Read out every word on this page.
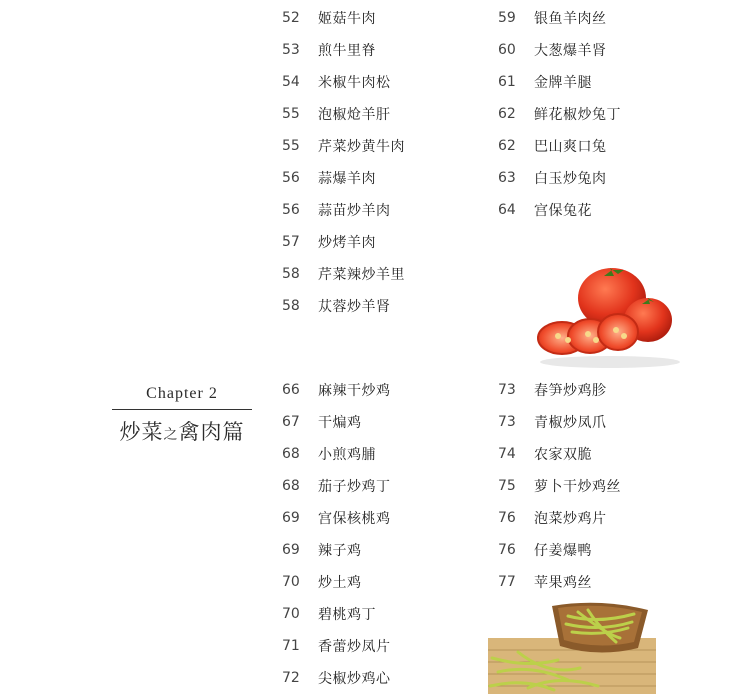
52	姬菇牛肉
53	煎牛里脊
54	米椒牛肉松
55	泡椒炝羊肝
55	芹菜炒黄牛肉
56	蒜爆羊肉
56	蒜苗炒羊肉
57	炒烤羊肉
58	芹菜辣炒羊里
58	苁蓉炒羊肾
59	银鱼羊肉丝
60	大葱爆羊肾
61	金牌羊腿
62	鲜花椒炒兔丁
62	巴山爽口兔
63	白玉炒兔肉
64	宫保兔花
66	麻辣干炒鸡
67	干煸鸡
68	小煎鸡脯
68	茄子炒鸡丁
69	宫保核桃鸡
69	辣子鸡
70	炒土鸡
70	碧桃鸡丁
71	香蕾炒凤片
72	尖椒炒鸡心
73	春笋炒鸡胗
73	青椒炒凤爪
74	农家双脆
75	萝卜干炒鸡丝
76	泡菜炒鸡片
76	仔姜爆鸭
77	苹果鸡丝
Chapter 2
炒菜之禽肉篇
